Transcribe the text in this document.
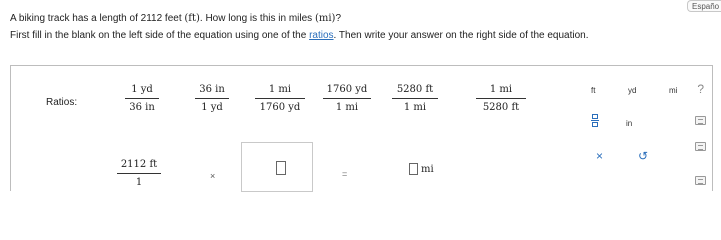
Españo
A biking track has a length of 2112 feet (ft). How long is this in miles (mi)?
First fill in the blank on the left side of the equation using one of the ratios. Then write your answer on the right side of the equation.
Ratios:
1 yd
36 in
36 in
1 yd
1 mi
1760 yd
1760 yd
1 mi
5280 ft
1 mi
1 mi
5280 ft
ft	yd	mi ?
in
2112 ft
1
×	=	mi
×	↺
